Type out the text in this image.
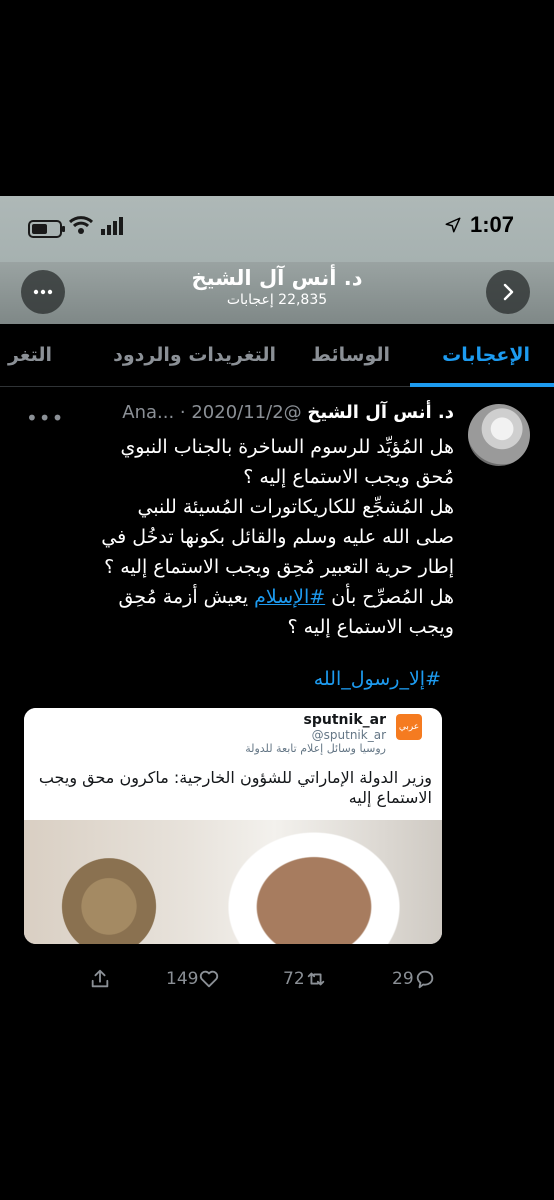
1:07
د. أنس آل الشيخ
22,835 إعجابات
الإعجابات
الوسائط
التغريدات والردود
التغر
د. أنس آل الشيخ @Ana... · 2020/11/2
•••
هل المُؤيِّد للرسوم الساخرة بالجناب النبوي
مُحق ويجب الاستماع إليه ؟
هل المُشجِّع للكاريكاتورات المُسيئة للنبي
صلى الله عليه وسلم والقائل بكونها تدخُل في
إطار حرية التعبير مُحِق ويجب الاستماع إليه ؟
هل المُصرِّح بأن #الإسلام يعيش أزمة مُحِق
ويجب الاستماع إليه ؟
#إلا_رسول_الله
عربي
sputnik_ar
@sputnik_ar
روسيا وسائل إعلام تابعة للدولة
وزير الدولة الإماراتي للشؤون الخارجية: ماكرون محق ويجب الاستماع إليه
149	72	29
